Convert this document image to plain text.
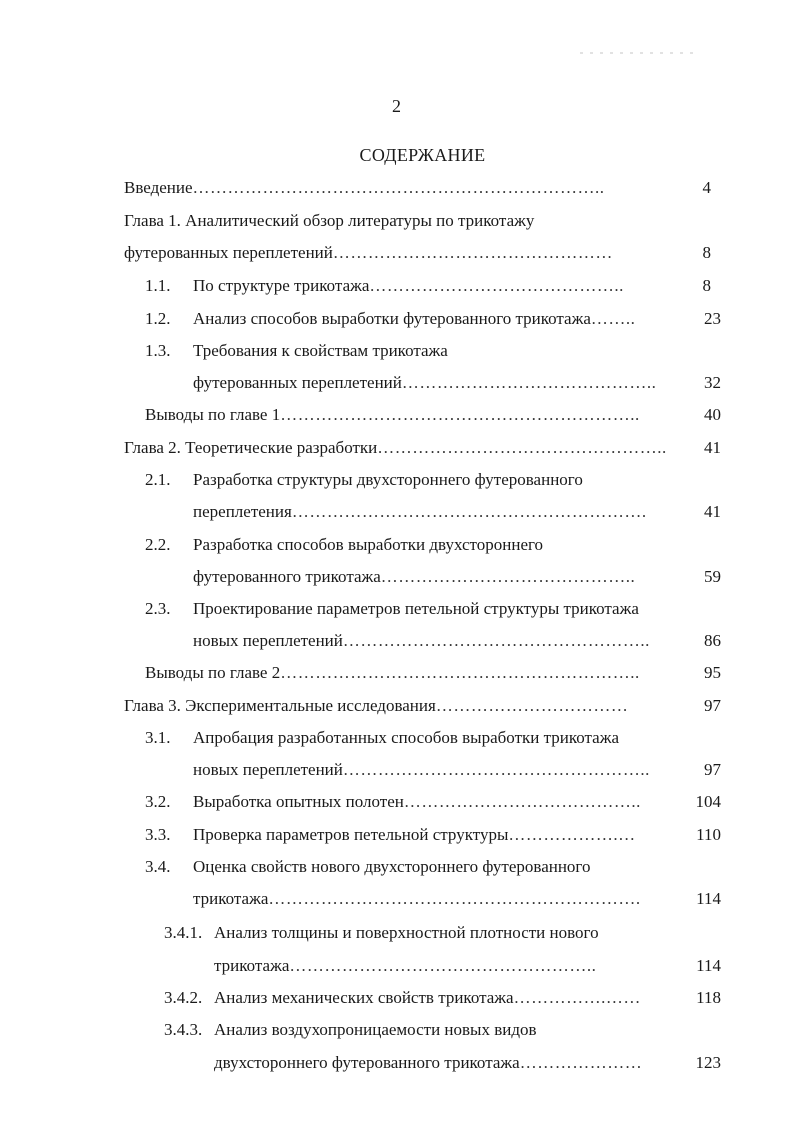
2
СОДЕРЖАНИЕ
Введение……………………………………………………………..	4
Глава 1. Аналитический обзор литературы по трикотажу
футерованных переплетений…………………………………………	8
1.1. По структуре трикотажа……………………………………..	8
1.2. Анализ способов выработки футерованного трикотажа……..	23
1.3. Требования к свойствам трикотажа
футерованных переплетений……………………………………..	32
Выводы по главе 1……………………………………………………..	40
Глава 2. Теоретические разработки…………………………………………..	41
2.1. Разработка структуры двухстороннего футерованного
переплетения…………………………………………………….	41
2.2. Разработка способов выработки двухстороннего
футерованного трикотажа……………………………………..	59
2.3. Проектирование параметров петельной структуры трикотажа
новых переплетений……………………………………………..	86
Выводы по главе 2……………………………………………………..	95
Глава 3. Экспериментальные исследования……………………………	97
3.1. Апробация разработанных способов выработки трикотажа
новых переплетений……………………………………………..	97
3.2. Выработка опытных полотен…………………………………..	104
3.3. Проверка параметров петельной структуры……………….…	110
3.4. Оценка свойств нового двухстороннего футерованного
трикотажа……………………………………………………….	114
3.4.1. Анализ толщины и поверхностной плотности нового
трикотажа……………………………………………..	114
3.4.2. Анализ механических свойств трикотажа…………….……	118
3.4.3. Анализ воздухопроницаемости новых видов
двухстороннего футерованного трикотажа…………………	123
